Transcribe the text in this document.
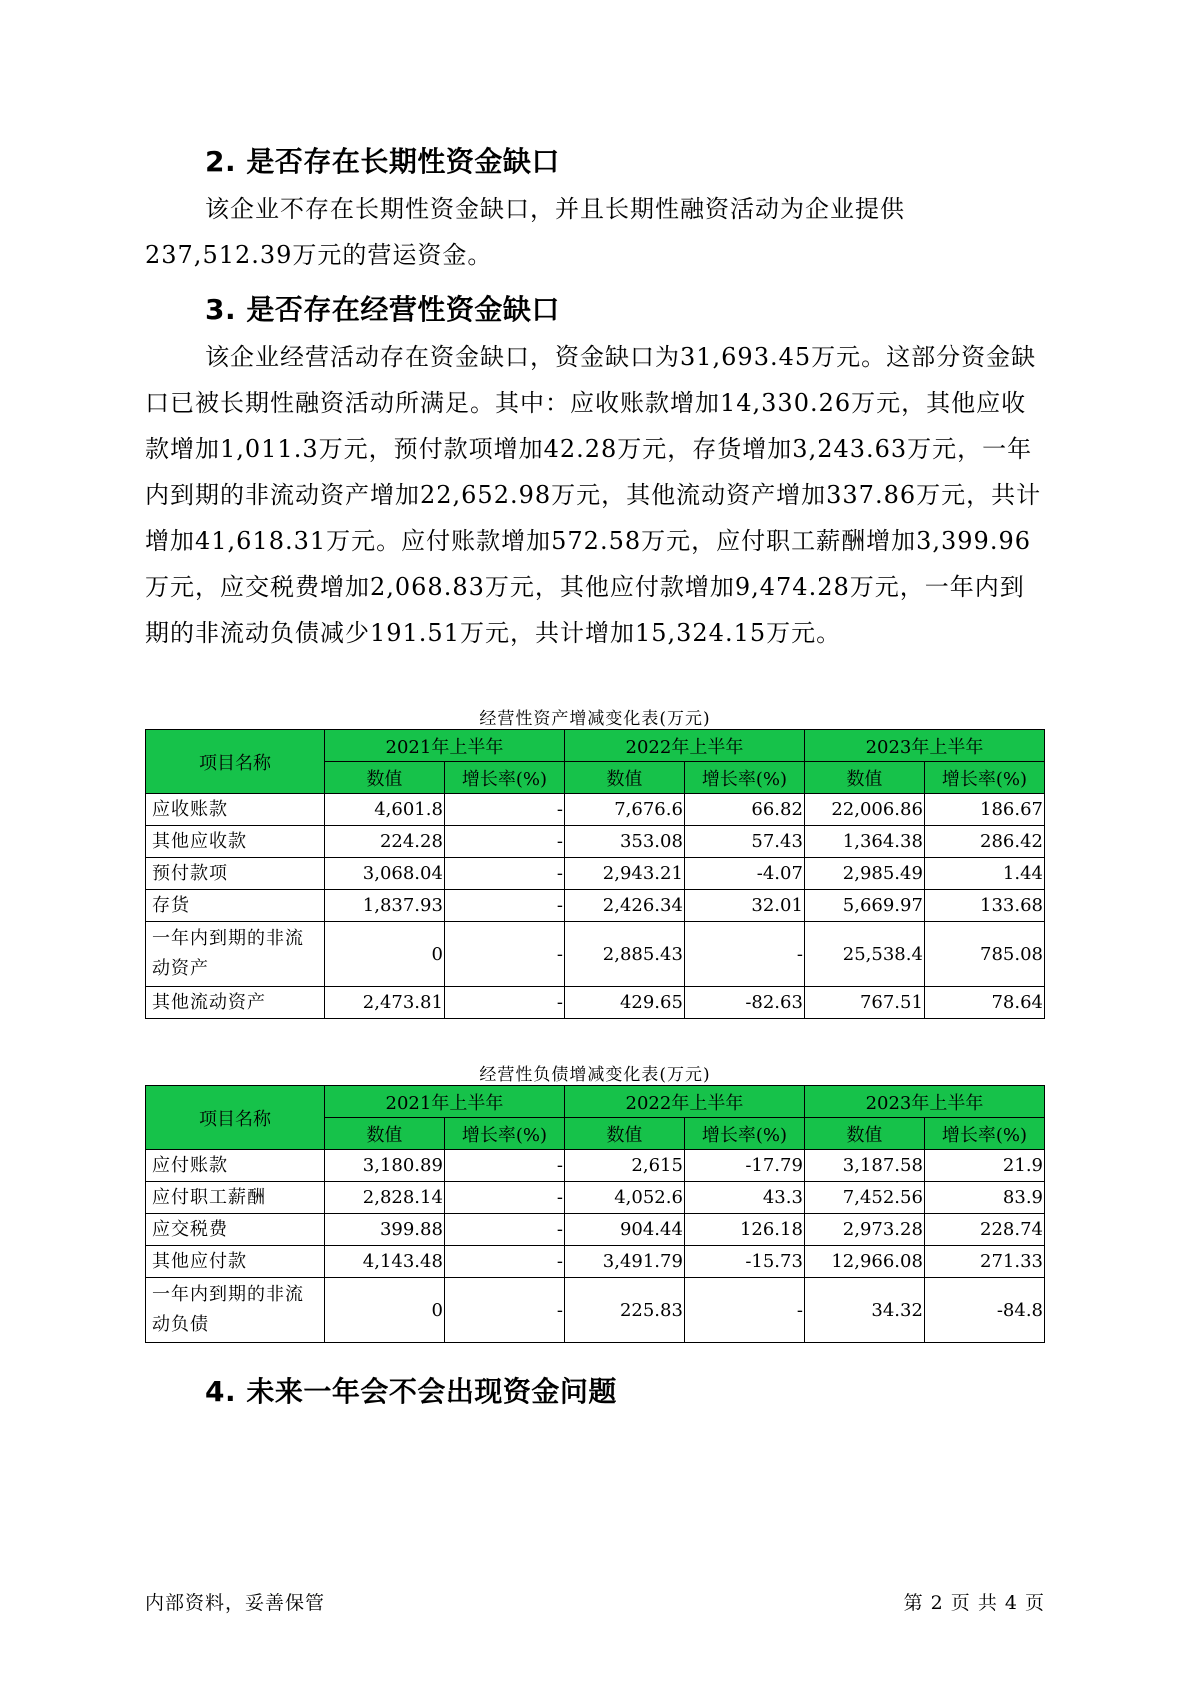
2. 是否存在长期性资金缺口

该企业不存在长期性资金缺口，并且长期性融资活动为企业提供237,512.39万元的营运资金。

3. 是否存在经营性资金缺口

该企业经营活动存在资金缺口，资金缺口为31,693.45万元。这部分资金缺口已被长期性融资活动所满足。其中：应收账款增加14,330.26万元，其他应收款增加1,011.3万元，预付款项增加42.28万元，存货增加3,243.63万元，一年内到期的非流动资产增加22,652.98万元，其他流动资产增加337.86万元，共计增加41,618.31万元。应付账款增加572.58万元，应付职工薪酬增加3,399.96万元，应交税费增加2,068.83万元，其他应付款增加9,474.28万元，一年内到期的非流动负债减少191.51万元，共计增加15,324.15万元。

经营性资产增减变化表(万元)
项目名称	2021年上半年		2022年上半年		2023年上半年	
	数值	增长率(%)	数值	增长率(%)	数值	增长率(%)
应收账款	4,601.8	-	7,676.6	66.82	22,006.86	186.67
其他应收款	224.28	-	353.08	57.43	1,364.38	286.42
预付款项	3,068.04	-	2,943.21	-4.07	2,985.49	1.44
存货	1,837.93	-	2,426.34	32.01	5,669.97	133.68
一年内到期的非流动资产	0	-	2,885.43	-	25,538.4	785.08
其他流动资产	2,473.81	-	429.65	-82.63	767.51	78.64
经营性负债增减变化表(万元)
项目名称	2021年上半年		2022年上半年		2023年上半年	
	数值	增长率(%)	数值	增长率(%)	数值	增长率(%)
应付账款	3,180.89	-	2,615	-17.79	3,187.58	21.9
应付职工薪酬	2,828.14	-	4,052.6	43.3	7,452.56	83.9
应交税费	399.88	-	904.44	126.18	2,973.28	228.74
其他应付款	4,143.48	-	3,491.79	-15.73	12,966.08	271.33
一年内到期的非流动负债	0	-	225.83	-	34.32	-84.8
4. 未来一年会不会出现资金问题
内部资料，妥善保管	第 2 页 共 4 页
